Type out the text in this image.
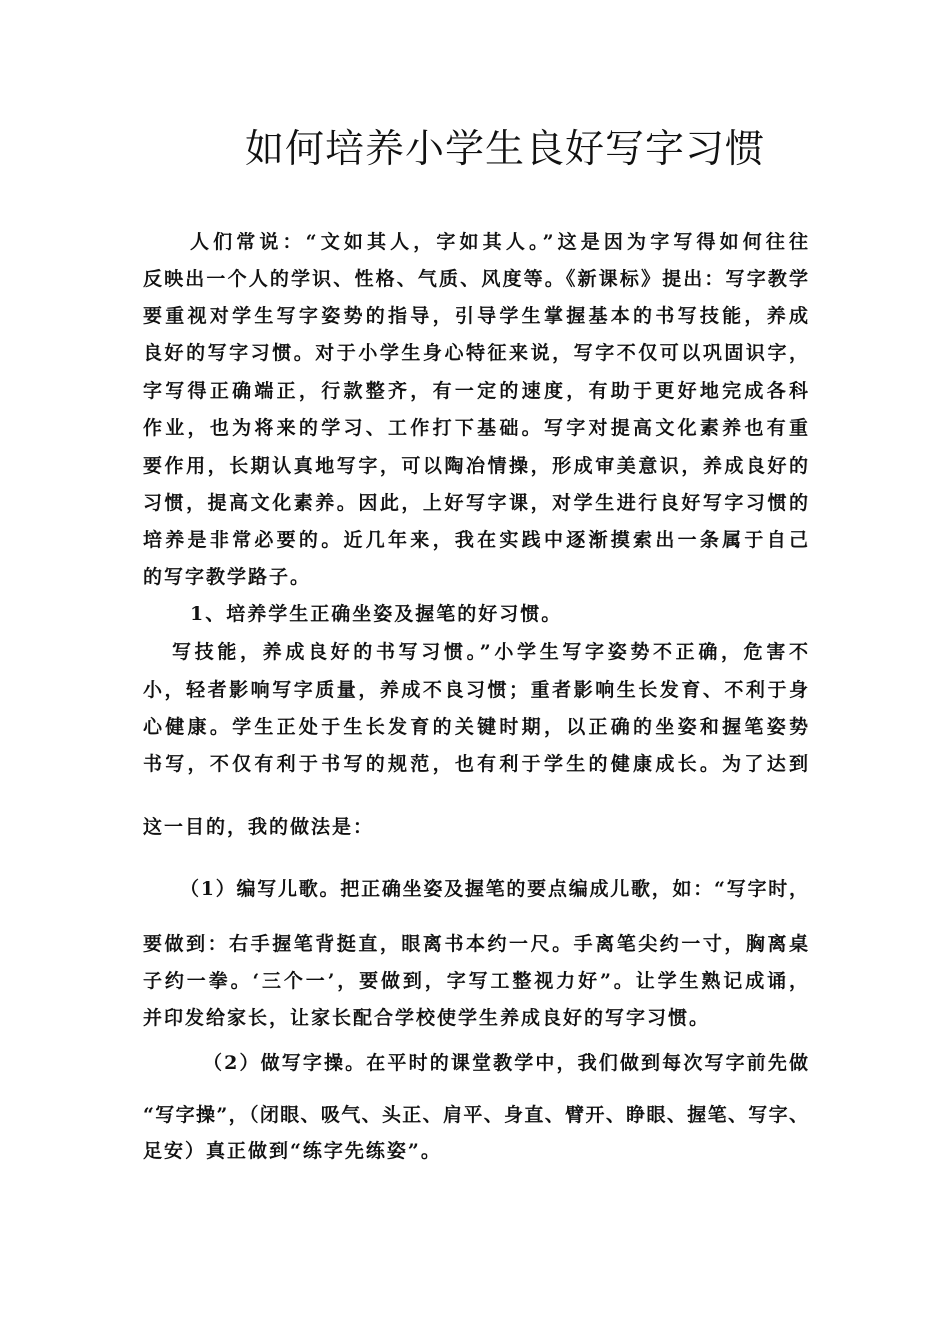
如何培养小学生良好写字习惯
人们常说：“文如其人，字如其人。”这是因为字写得如何往往
反映出一个人的学识、性格、气质、风度等。《新课标》提出：写字教学
要重视对学生写字姿势的指导，引导学生掌握基本的书写技能，养成
良好的写字习惯。对于小学生身心特征来说，写字不仅可以巩固识字，
字写得正确端正，行款整齐，有一定的速度，有助于更好地完成各科
作业，也为将来的学习、工作打下基础。写字对提高文化素养也有重
要作用，长期认真地写字，可以陶冶情操，形成审美意识，养成良好的
习惯，提高文化素养。因此，上好写字课，对学生进行良好写字习惯的
培养是非常必要的。近几年来，我在实践中逐渐摸索出一条属于自己
的写字教学路子。
1、培养学生正确坐姿及握笔的好习惯。
写技能，养成良好的书写习惯。”小学生写字姿势不正确，危害不
小，轻者影响写字质量，养成不良习惯；重者影响生长发育、不利于身
心健康。学生正处于生长发育的关键时期，以正确的坐姿和握笔姿势
书写，不仅有利于书写的规范，也有利于学生的健康成长。为了达到
这一目的，我的做法是：
（1）编写儿歌。把正确坐姿及握笔的要点编成儿歌，如：“写字时，
要做到：右手握笔背挺直，眼离书本约一尺。手离笔尖约一寸，胸离桌
子约一拳。‘三个一’，要做到，字写工整视力好”。让学生熟记成诵，
并印发给家长，让家长配合学校使学生养成良好的写字习惯。
（2）做写字操。在平时的课堂教学中，我们做到每次写字前先做
“写字操”，（闭眼、吸气、头正、肩平、身直、臂开、睁眼、握笔、写字、
足安）真正做到“练字先练姿”。
